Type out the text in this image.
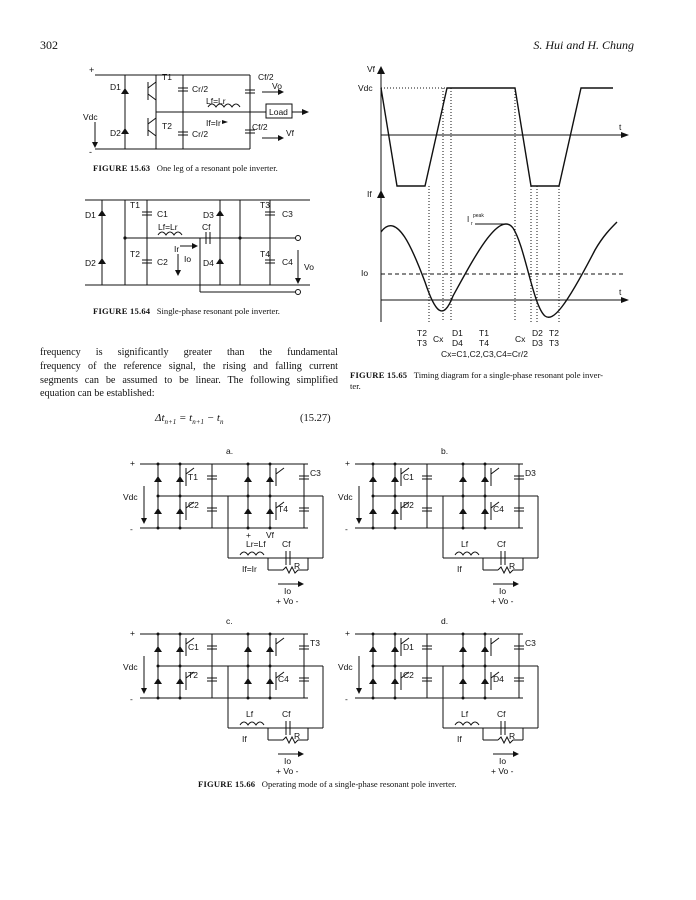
302	S. Hui and H. Chung
+
-
Vdc
D1
D2
T1
T2
Cr/2
Cr/2
Cf/2
Cf/2
Lf=Lr
If=Ir
Vo
Vf
Load
FIGURE 15.63 One leg of a resonant pole inverter.
D1
D2
D3
D4
T1
T2
T3
T4
C1
C2
C3
C4
Lf=Lr	Cf
Ir
Io
Vo
FIGURE 15.64 Single-phase resonant pole inverter.
Vf
Vdc
t
If
I r
peak
Io
t
T2
T3 Cx
D1
D4
T1
T4	Cx
D2
D3
T2
T3
Cx=C1,C2,C3,C4=Cr/2
FIGURE 15.65 Timing diagram for a single-phase resonant pole inver-
ter.
frequency is significantly greater than the fundamental
frequency of the reference signal, the rising and falling current
segments can be assumed to be linear. The following simplified
equation can be established:
$\Delta t_{n+1} = t_{n+1} - t_n$	(15.27)
a.
+
-
Vdc
T1
C2
C3
T4
Lr=Lf Cf
R
If=Ir
Io
+ Vo -
Vf
+
b.
+
-
Vdc
C1
D2
D3
C4
Lf	Cf
R
If
Io
+ Vo -
c.
+
-
Vdc
C1
T2
T3
C4
Lf	Cf
R
If
Io
+ Vo -
d.
+
-
Vdc
D1
C2
C3
D4
Lf	Cf
R
If
Io
+ Vo -
FIGURE 15.66 Operating mode of a single-phase resonant pole inverter.
